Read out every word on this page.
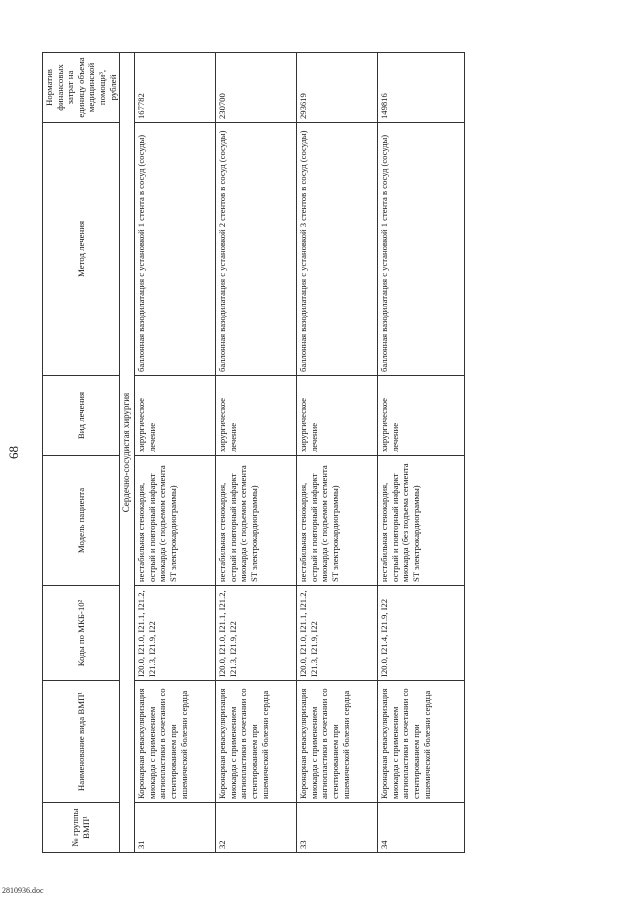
68
№ группы ВМП¹	Наименование вида ВМП¹	Коды по МКБ-10²	Модель пациента	Вид лечения	Метод лечения	Норматив финансовых затрат на единицу объема медицинской помощи³, рублей
Сердечно-сосудистая хирургия						
31	Коронарная реваскуляризация миокарда с применением ангиопластики в сочетании со стентированием при ишемической болезни сердца	I20.0, I21.0, I21.1, I21.2, I21.3, I21.9, I22	нестабильная стенокардия, острый и повторный инфаркт миокарда (с подъемом сегмента ST электрокардиограммы)	хирургическое лечение	баллонная вазодилатация с установкой 1 стента в сосуд (сосуды)	167782
32	Коронарная реваскуляризация миокарда с применением ангиопластики в сочетании со стентированием при ишемической болезни сердца	I20.0, I21.0, I21.1, I21.2, I21.3, I21.9, I22	нестабильная стенокардия, острый и повторный инфаркт миокарда (с подъемом сегмента ST электрокардиограммы)	хирургическое лечение	баллонная вазодилатация с установкой 2 стентов в сосуд (сосуды)	230700
33	Коронарная реваскуляризация миокарда с применением ангиопластики в сочетании со стентированием при ишемической болезни сердца	I20.0, I21.0, I21.1, I21.2, I21.3, I21.9, I22	нестабильная стенокардия, острый и повторный инфаркт миокарда (с подъемом сегмента ST электрокардиограммы)	хирургическое лечение	баллонная вазодилатация с установкой 3 стентов в сосуд (сосуды)	293619
34	Коронарная реваскуляризация миокарда с применением ангиопластики в сочетании со стентированием при ишемической болезни сердца	I20.0, I21.4, I21.9, I22	нестабильная стенокардия, острый и повторный инфаркт миокарда (без подъема сегмента ST электрокардиограммы)	хирургическое лечение	баллонная вазодилатация с установкой 1 стента в сосуд (сосуды)	149816
2810936.doc
